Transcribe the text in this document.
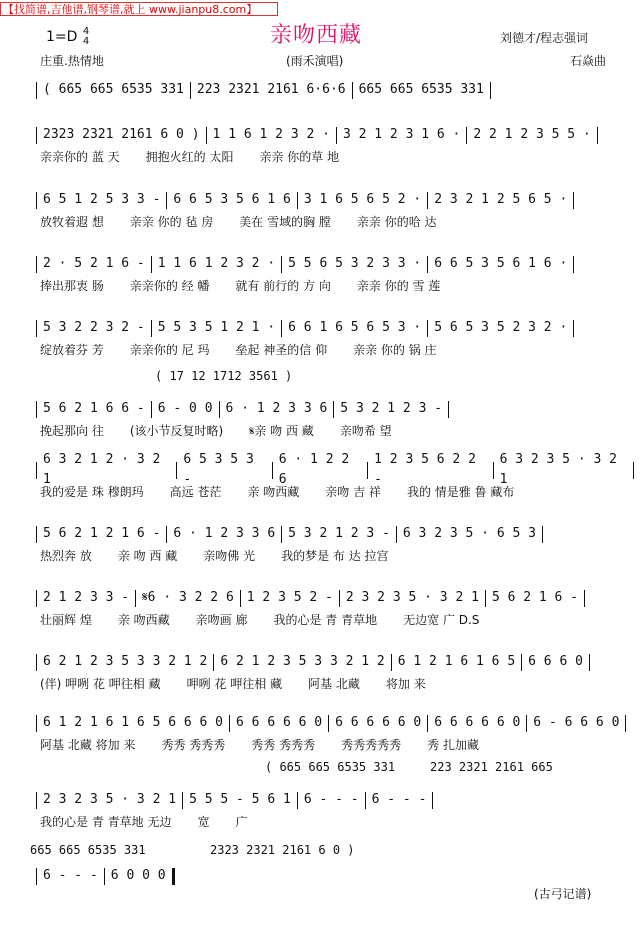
【找简谱,吉他谱,钢琴谱,就上 www.jianpu8.com】
1=D 4
4	亲吻西藏	刘德才/程志强词
庄重.热情地	(雨禾演唱)	石焱曲
( 665 665 6535 331 223 2321 2161 6·6·6 665 665 6535 331
2323 2321 2161 6 0 ) 1 1 6 1 2 3 2 · 3 2 1 2 3 1 6 · 2 2 1 2 3 5 5 ·
亲亲你的 蓝 天 拥抱火红的 太阳 亲亲 你的草 地
6 5 1 2 5 3 3 - 6 6 5 3 5 6 1 6 3 1 6 5 6 5 2 · 2 3 2 1 2 5 6 5 ·
放牧着遐 想 亲亲 你的 毡 房 美在 雪域的胸 膛 亲亲 你的哈 达
2 · 5 2 1 6 - 1 1 6 1 2 3 2 · 5 5 6 5 3 2 3 3 · 6 6 5 3 5 6 1 6 ·
捧出那衷 肠 亲亲你的 经 幡 就有 前行的 方 向 亲亲 你的 雪 莲
5 3 2 2 3 2 - 5 5 3 5 1 2 1 · 6 6 1 6 5 6 5 3 · 5 6 5 3 5 2 3 2 ·
绽放着芬 芳 亲亲你的 尼 玛 垒起 神圣的信 仰 亲亲 你的 锅 庄
( 17 12 1712 3561 )
5 6 2 1 6 6 - 6 - 0 0 6 · 1 2 3 3 6 5 3 2 1 2 3 -
挽起那向 往 (该小节反复时略) 𝄋亲 吻 西 藏 亲吻希 望
6 3 2 1 2 · 3 2 1
6 5 3 5 3 -
6 · 1 2 2 6
1 2 3 5 6 2 2 -
6 3 2 3 5 · 3 2 1
我的爱是 珠 穆朗玛 高远 苍茫 亲 吻西藏 亲吻 吉 祥 我的 情是雅 鲁 藏布
5 6 2 1 2 1 6 - 6 · 1 2 3 3 6 5 3 2 1 2 3 - 6 3 2 3 5 · 6 5 3
热烈奔 放 亲 吻 西 藏 亲吻佛 光 我的梦是 布 达 拉宫
2 1 2 3 3 - 𝄋6 · 3 2 2 6 1 2 3 5 2 - 2 3 2 3 5 · 3 2 1 5 6 2 1 6 -
壮丽辉 煌 亲 吻西藏 亲吻画 廊 我的心是 青 青草地 无边宽 广 D.S
6 2 1 2 3 5 3 3 2 1 2 6 2 1 2 3 5 3 3 2 1 2 6 1 2 1 6 1 6 5 6 6 6 0
(伴) 呷咧 花 呷往相 藏 呷咧 花 呷往相 藏 阿基 北藏 将加 来
6 1 2 1 6 1 6 5 6 6 6 0 6 6 6 6 6 0 6 6 6 6 6 0 6 6 6 6 6 0 6 - 6 6 6 0
阿基 北藏 将加 来 秀秀 秀秀秀 秀秀 秀秀秀 秀秀秀秀秀 秀 扎加藏
( 665 665 6535 331	223 2321 2161 665
2 3 2 3 5 · 3 2 1 5 5 5 - 5 6 1 6 - - - 6 - - -
我的心是 青 青草地 无边 宽 广
665 665 6535 331	2323 2321 2161 6 0 )
6 - - - 6 0 0 0
(古弓记谱)
